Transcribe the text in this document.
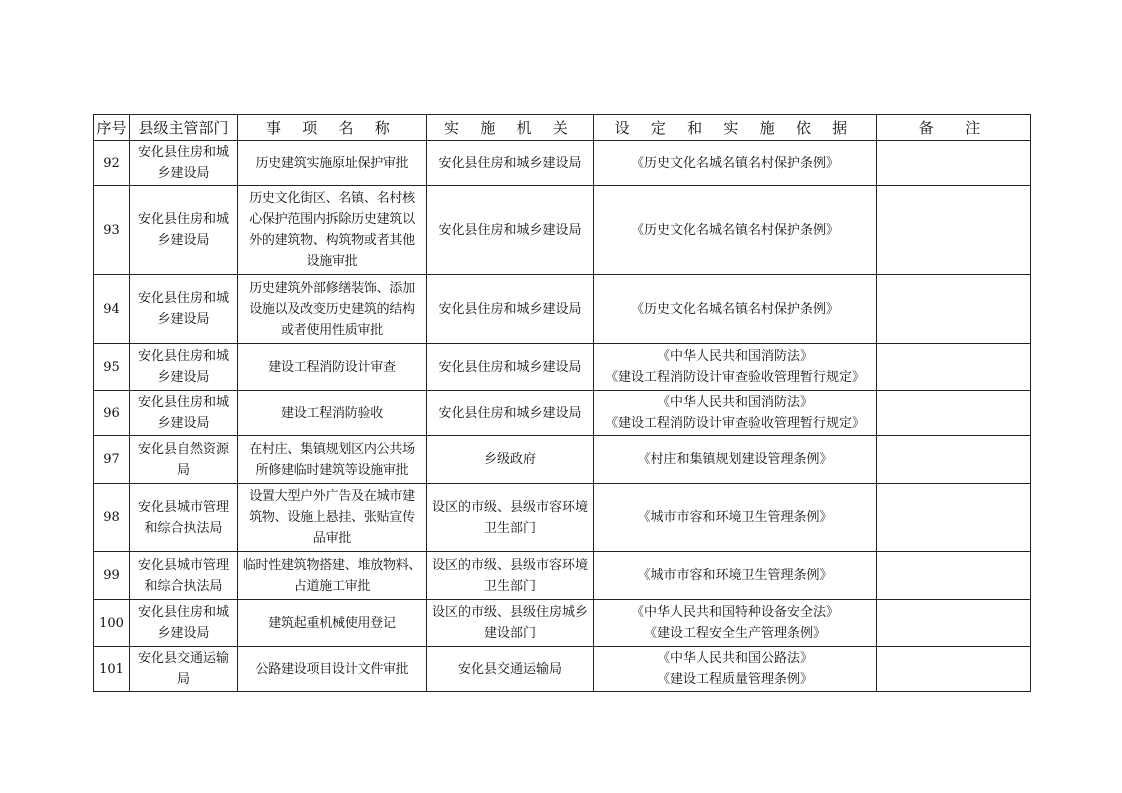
序号	县级主管部门	事 项 名 称	实 施 机 关	设 定 和 实 施 依 据	备　注
92	安化县住房和城
乡建设局	历史建筑实施原址保护审批	安化县住房和城乡建设局	《历史文化名城名镇名村保护条例》	

93	安化县住房和城
乡建设局	历史文化街区、名镇、名村核
心保护范围内拆除历史建筑以
外的建筑物、构筑物或者其他
设施审批	安化县住房和城乡建设局	《历史文化名城名镇名村保护条例》	

94	安化县住房和城
乡建设局	历史建筑外部修缮装饰、添加
设施以及改变历史建筑的结构
或者使用性质审批	安化县住房和城乡建设局	《历史文化名城名镇名村保护条例》	

95	安化县住房和城
乡建设局	建设工程消防设计审查	安化县住房和城乡建设局	《中华人民共和国消防法》
《建设工程消防设计审查验收管理暂行规定》	

96	安化县住房和城
乡建设局	建设工程消防验收	安化县住房和城乡建设局	《中华人民共和国消防法》
《建设工程消防设计审查验收管理暂行规定》	

97	安化县自然资源
局	在村庄、集镇规划区内公共场
所修建临时建筑等设施审批	乡级政府	《村庄和集镇规划建设管理条例》	

98	安化县城市管理
和综合执法局	设置大型户外广告及在城市建
筑物、设施上悬挂、张贴宣传
品审批	设区的市级、县级市容环境
卫生部门	《城市市容和环境卫生管理条例》	

99	安化县城市管理
和综合执法局	临时性建筑物搭建、堆放物料、
占道施工审批	设区的市级、县级市容环境
卫生部门	《城市市容和环境卫生管理条例》	

100	安化县住房和城
乡建设局	建筑起重机械使用登记	设区的市级、县级住房城乡
建设部门	《中华人民共和国特种设备安全法》
《建设工程安全生产管理条例》	

101	安化县交通运输
局	公路建设项目设计文件审批	安化县交通运输局	《中华人民共和国公路法》
《建设工程质量管理条例》	
